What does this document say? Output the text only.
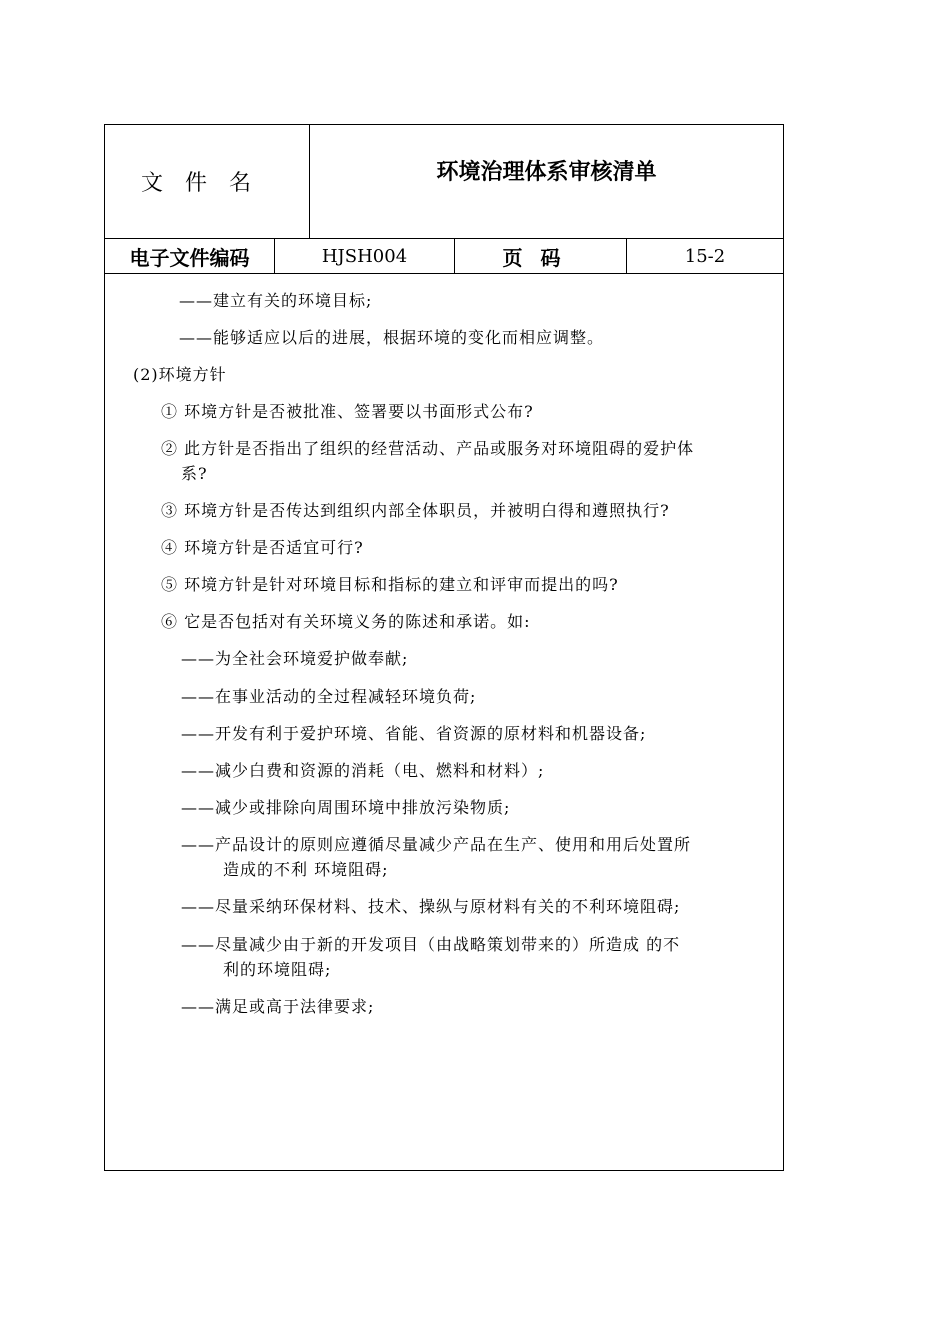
文件名	环境治理体系审核清单
电子文件编码	HJSH004	页码	15-2
——建立有关的环境目标;
——能够适应以后的进展，根据环境的变化而相应调整。
(2)环境方针
① 环境方针是否被批准、签署要以书面形式公布?
② 此方针是否指出了组织的经营活动、产品或服务对环境阻碍的爱护体
系?
③ 环境方针是否传达到组织内部全体职员，并被明白得和遵照执行?
④ 环境方针是否适宜可行?
⑤ 环境方针是针对环境目标和指标的建立和评审而提出的吗?
⑥ 它是否包括对有关环境义务的陈述和承诺。如:
——为全社会环境爱护做奉献;
——在事业活动的全过程减轻环境负荷;
——开发有利于爱护环境、省能、省资源的原材料和机器设备;
——减少白费和资源的消耗（电、燃料和材料）;
——减少或排除向周围环境中排放污染物质;
——产品设计的原则应遵循尽量减少产品在生产、使用和用后处置所
造成的不利 环境阻碍;
——尽量采纳环保材料、技术、操纵与原材料有关的不利环境阻碍;
——尽量减少由于新的开发项目（由战略策划带来的）所造成 的不
利的环境阻碍;
——满足或高于法律要求;
